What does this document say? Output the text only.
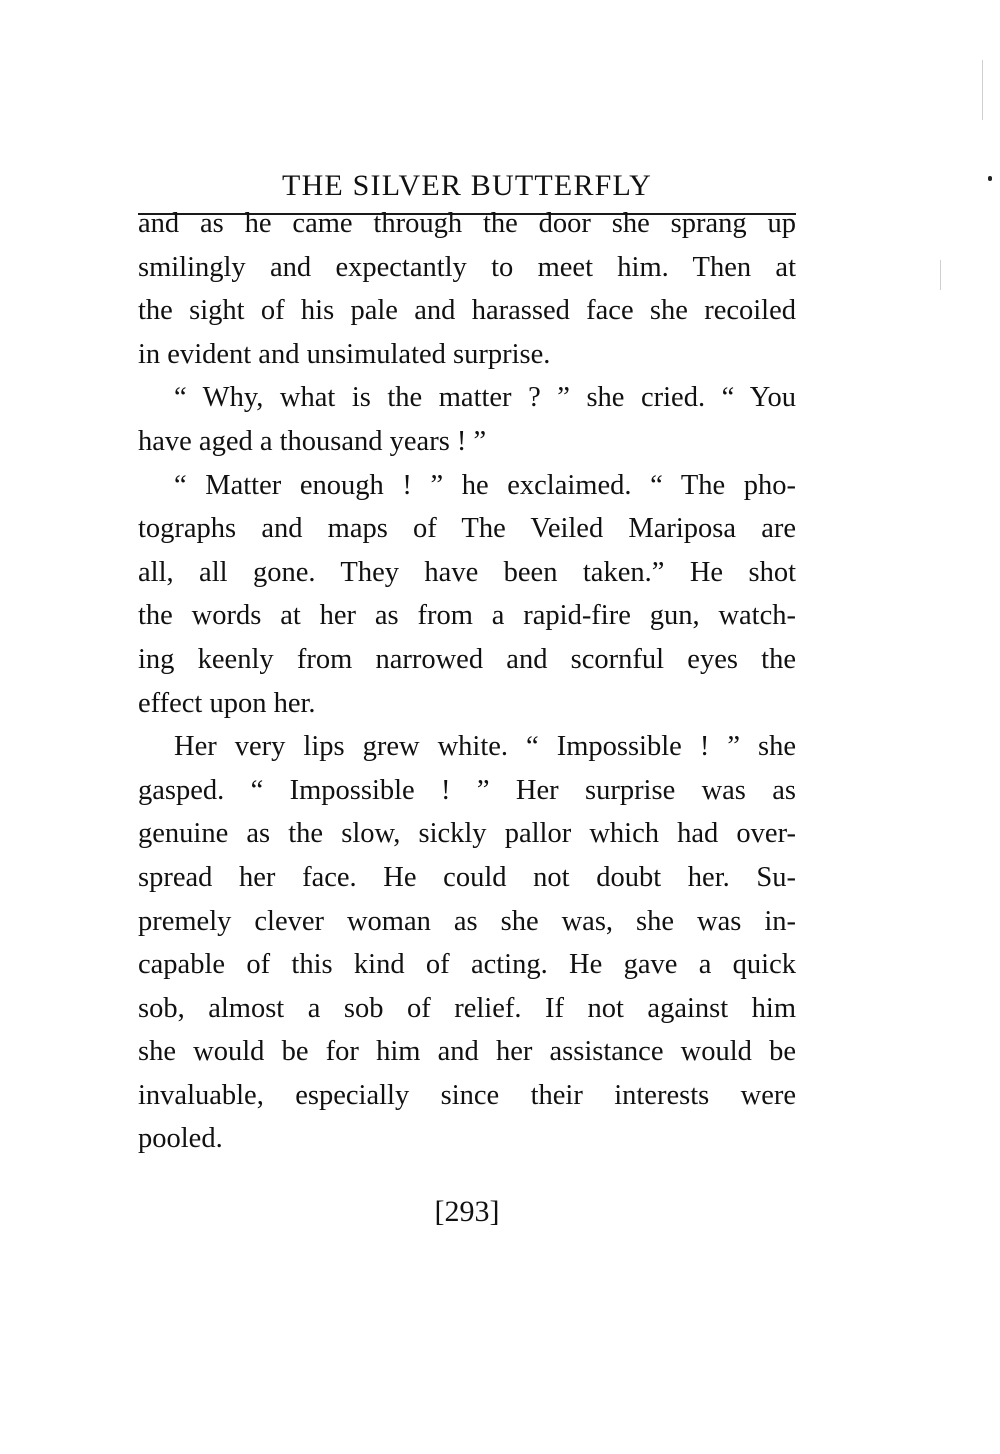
THE SILVER BUTTERFLY
and as he came through the door she sprang up
smilingly and expectantly to meet him. Then at
the sight of his pale and harassed face she recoiled
in evident and unsimulated surprise.
“ Why, what is the matter ? ” she cried. “ You
have aged a thousand years ! ”
“ Matter enough ! ” he exclaimed. “ The pho-
tographs and maps of The Veiled Mariposa are
all, all gone. They have been taken.” He shot
the words at her as from a rapid-fire gun, watch-
ing keenly from narrowed and scornful eyes the
effect upon her.
Her very lips grew white. “ Impossible ! ” she
gasped. “ Impossible ! ” Her surprise was as
genuine as the slow, sickly pallor which had over-
spread her face. He could not doubt her. Su-
premely clever woman as she was, she was in-
capable of this kind of acting. He gave a quick
sob, almost a sob of relief. If not against him
she would be for him and her assistance would be
invaluable, especially since their interests were
pooled.
[293]
